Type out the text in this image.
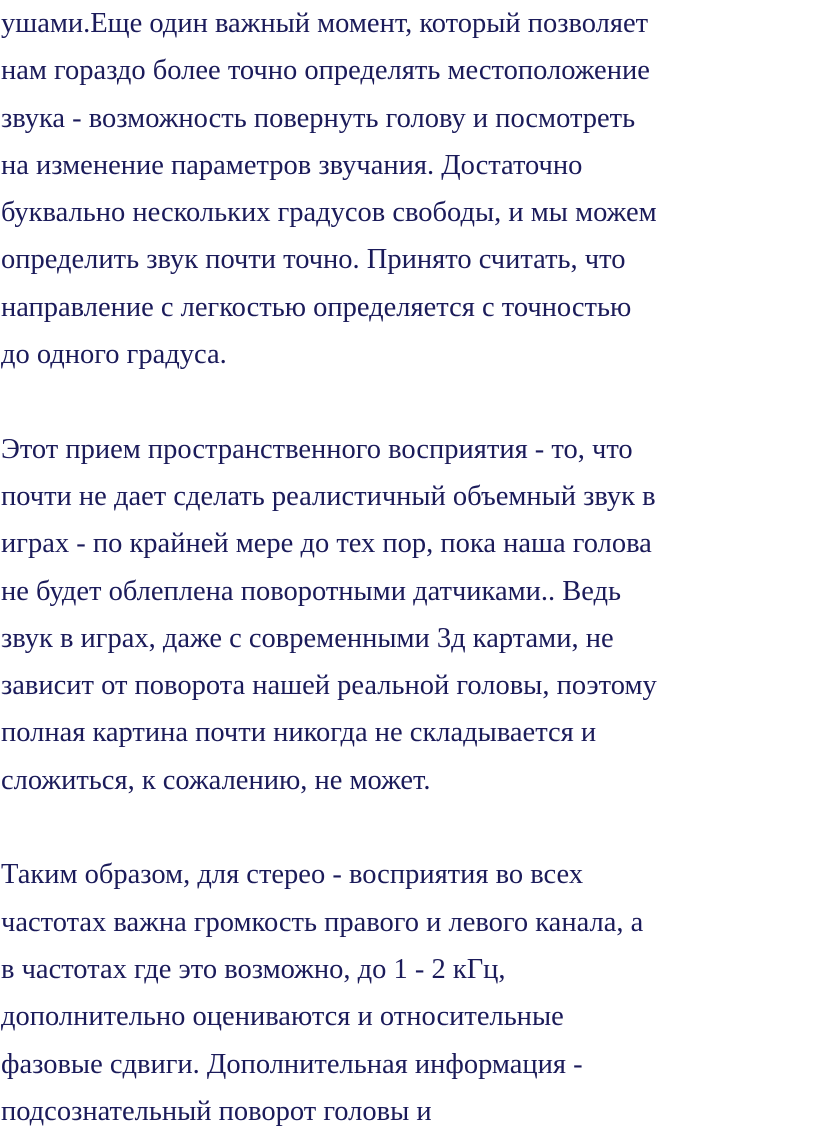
ушами.Еще один важный момент, который позволяет
нам гораздо более точно определять местоположение
звука - возможность повернуть голову и посмотреть
на изменение параметров звучания. Достаточно
буквально нескольких градусов свободы, и мы можем
определить звук почти точно. Принято считать, что
направление с легкостью определяется с точностью
до одного градуса.
Этот прием пространственного восприятия - то, что
почти не дает сделать реалистичный объемный звук в
играх - по крайней мере до тех пор, пока наша голова
не будет облеплена поворотными датчиками.. Ведь
звук в играх, даже с современными 3д картами, не
зависит от поворота нашей реальной головы, поэтому
полная картина почти никогда не складывается и
сложиться, к сожалению, не может.
Таким образом, для стерео - восприятия во всех
частотах важна громкость правого и левого канала, а
в частотах где это возможно, до 1 - 2 кГц,
дополнительно оцениваются и относительные
фазовые сдвиги. Дополнительная информация -
подсознательный поворот головы и
